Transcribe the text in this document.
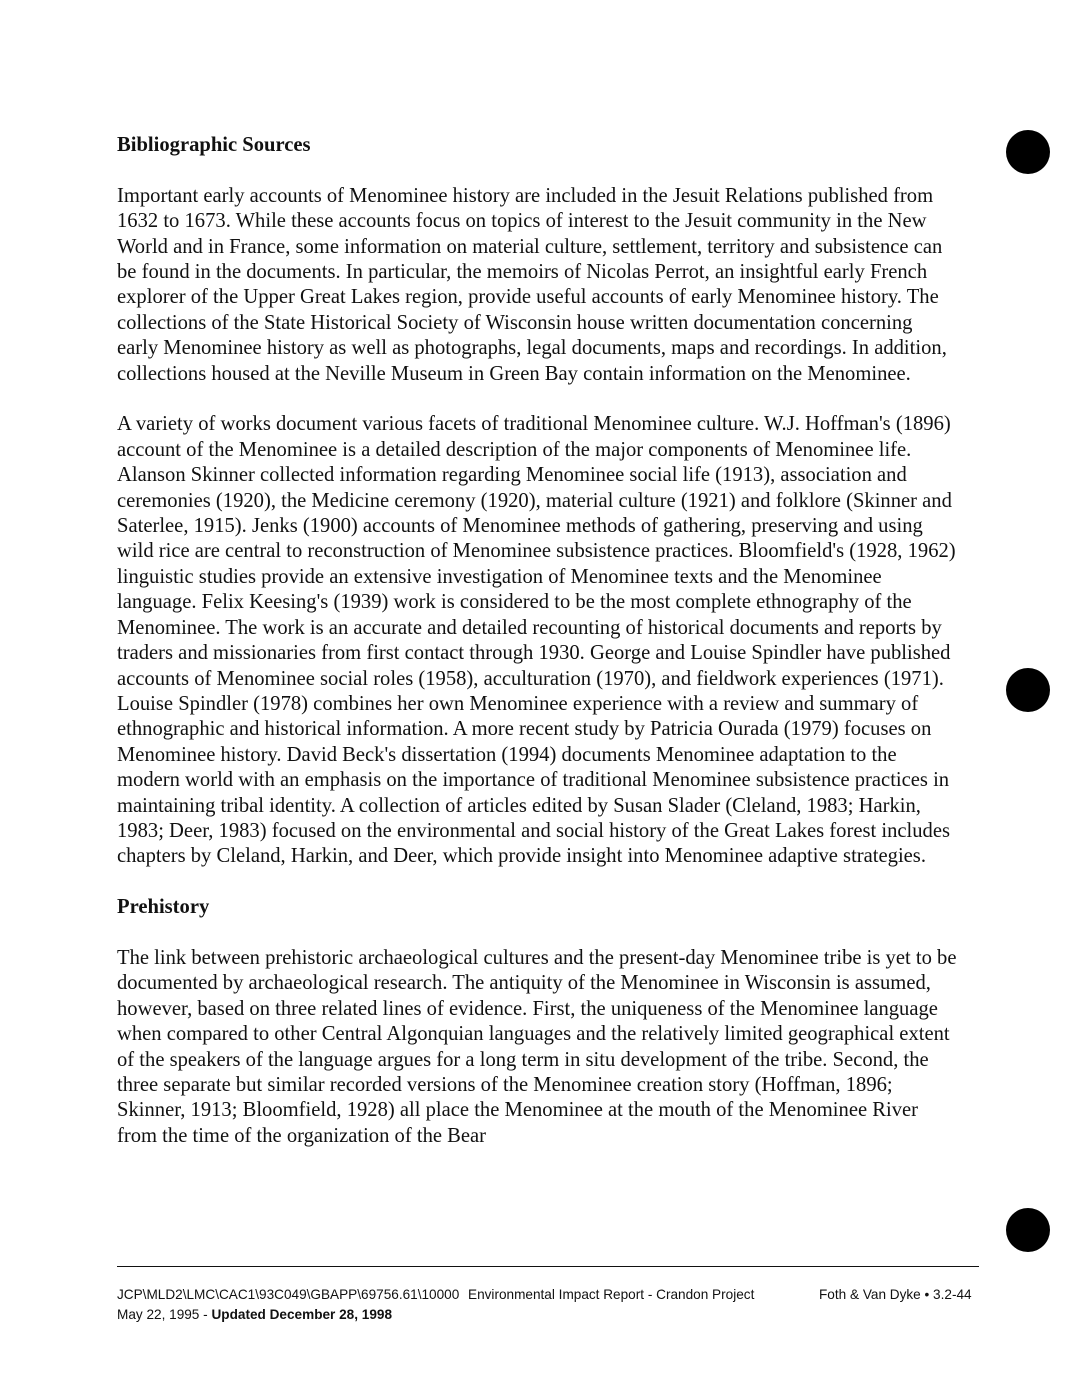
Bibliographic Sources

Important early accounts of Menominee history are included in the Jesuit Relations published from 1632 to 1673. While these accounts focus on topics of interest to the Jesuit community in the New World and in France, some information on material culture, settlement, territory and subsistence can be found in the documents. In particular, the memoirs of Nicolas Perrot, an insightful early French explorer of the Upper Great Lakes region, provide useful accounts of early Menominee history. The collections of the State Historical Society of Wisconsin house written documentation concerning early Menominee history as well as photographs, legal documents, maps and recordings. In addition, collections housed at the Neville Museum in Green Bay contain information on the Menominee.

A variety of works document various facets of traditional Menominee culture. W.J. Hoffman's (1896) account of the Menominee is a detailed description of the major components of Menominee life. Alanson Skinner collected information regarding Menominee social life (1913), association and ceremonies (1920), the Medicine ceremony (1920), material culture (1921) and folklore (Skinner and Saterlee, 1915). Jenks (1900) accounts of Menominee methods of gathering, preserving and using wild rice are central to reconstruction of Menominee subsistence practices. Bloomfield's (1928, 1962) linguistic studies provide an extensive investigation of Menominee texts and the Menominee language. Felix Keesing's (1939) work is considered to be the most complete ethnography of the Menominee. The work is an accurate and detailed recounting of historical documents and reports by traders and missionaries from first contact through 1930. George and Louise Spindler have published accounts of Menominee social roles (1958), acculturation (1970), and fieldwork experiences (1971). Louise Spindler (1978) combines her own Menominee experience with a review and summary of ethnographic and historical information. A more recent study by Patricia Ourada (1979) focuses on Menominee history. David Beck's dissertation (1994) documents Menominee adaptation to the modern world with an emphasis on the importance of traditional Menominee subsistence practices in maintaining tribal identity. A collection of articles edited by Susan Slader (Cleland, 1983; Harkin, 1983; Deer, 1983) focused on the environmental and social history of the Great Lakes forest includes chapters by Cleland, Harkin, and Deer, which provide insight into Menominee adaptive strategies.

Prehistory

The link between prehistoric archaeological cultures and the present-day Menominee tribe is yet to be documented by archaeological research. The antiquity of the Menominee in Wisconsin is assumed, however, based on three related lines of evidence. First, the uniqueness of the Menominee language when compared to other Central Algonquian languages and the relatively limited geographical extent of the speakers of the language argues for a long term in situ development of the tribe. Second, the three separate but similar recorded versions of the Menominee creation story (Hoffman, 1896; Skinner, 1913; Bloomfield, 1928) all place the Menominee at the mouth of the Menominee River from the time of the organization of the Bear

JCP\MLD2\LMC\CAC1\93C049\GBAPP\69756.61\10000
May 22, 1995 - Updated December 28, 1998
Environmental Impact Report - Crandon Project	Foth & Van Dyke • 3.2-44
